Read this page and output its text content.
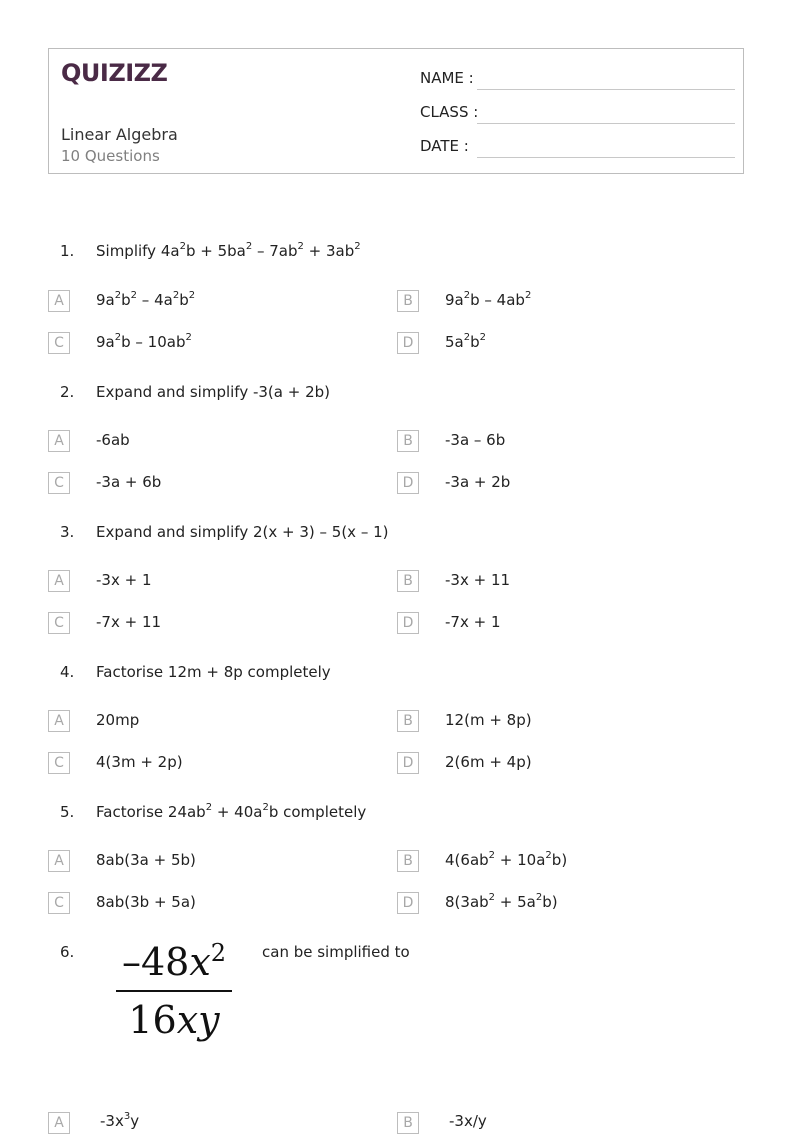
QUIZIZZ
Linear Algebra
10 Questions
NAME :
CLASS :
DATE :
1. Simplify $4a^2b + 5ba^2 - 7ab^2 + 3ab^2$
A	$9a^2b^2 - 4a^2b^2$	B	$9a^2b - 4ab^2$
C	$9a^2b - 10ab^2$	D	$5a^2b^2$
2. Expand and simplify -3(a + 2b)
A	-6ab	B	-3a – 6b
C	-3a + 6b	D	-3a + 2b
3. Expand and simplify 2(x + 3) – 5(x – 1)
A	-3x + 1	B	-3x + 11
C	-7x + 11	D	-7x + 1
4. Factorise 12m + 8p completely
A	20mp	B	12(m + 8p)
C	4(3m + 2p)	D	2(6m + 4p)
5. Factorise $24ab^2 + 40a^2b$ completely
A	8ab(3a + 5b)	B	$4(6ab^2 + 10a^2b)$
C	8ab(3b + 5a)	D	$8(3ab^2 + 5a^2b)$
6. $-48x^2$
16xy
can be simplified to
A	$-3x^3y$	B	-3x/y
